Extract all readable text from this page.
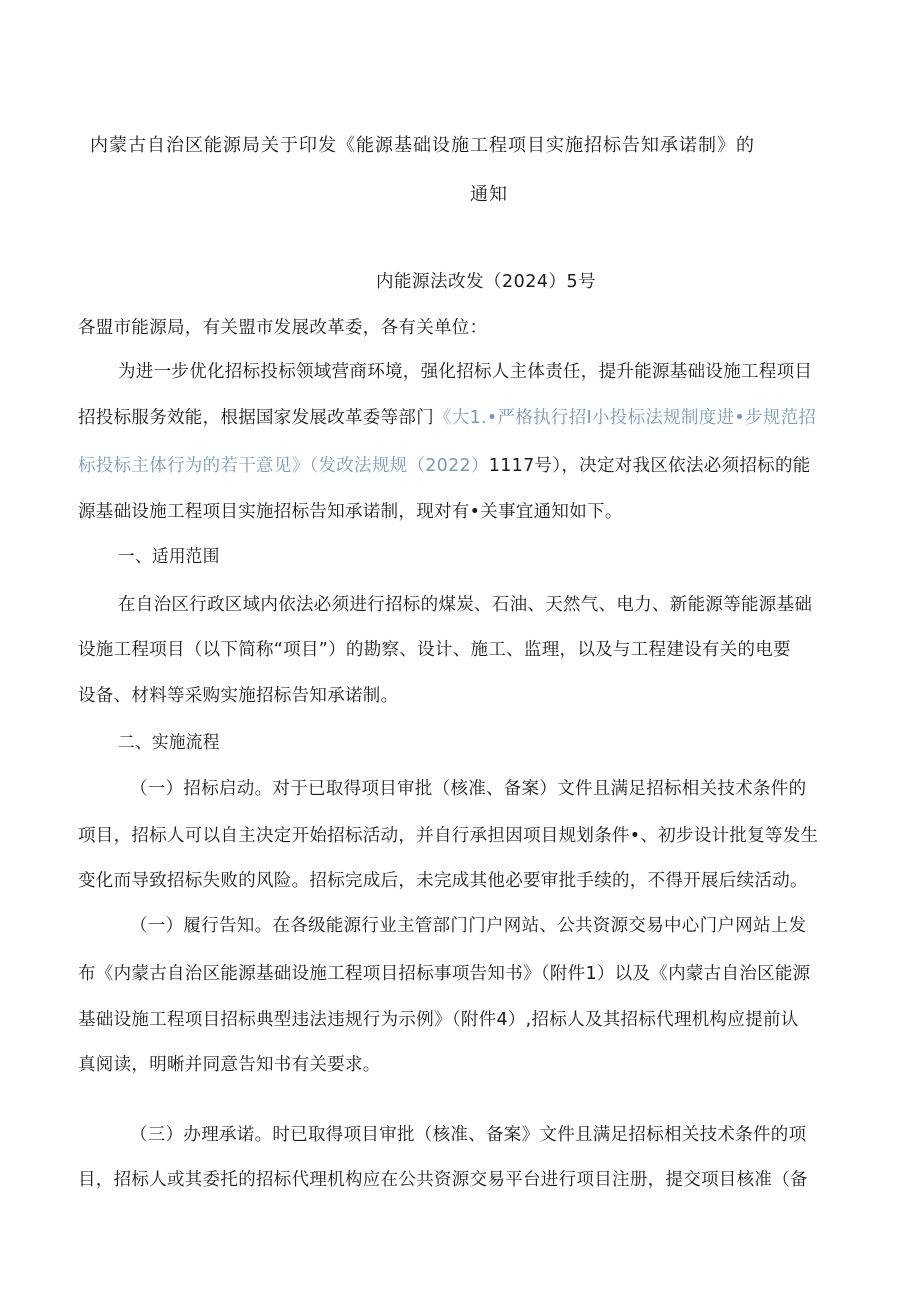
内蒙古自治区能源局关于印发《能源基础设施工程项目实施招标告知承诺制》的
通知
内能源法改发（2024）5号
各盟市能源局，有关盟市发展改革委，各有关单位：
为进一步优化招标投标领域营商环境，强化招标人主体责任，提升能源基础设施工程项目
招投标服务效能，根据国家发展改革委等部门《大1.•严格执行招I小投标法规制度进•步规范招
标投标主体行为的若干意见》（发改法规规（2022）1117号），决定对我区依法必须招标的能
源基础设施工程项目实施招标告知承诺制，现对有•关事宜通知如下。
一、适用范围
在自治区行政区域内依法必须进行招标的煤炭、石油、天然气、电力、新能源等能源基础
设施工程项目（以下简称“项目”）的勘察、设计、施工、监理，以及与工程建设有关的电要
设备、材料等采购实施招标告知承诺制。
二、实施流程
（一）招标启动。对于已取得项目审批（核准、备案）文件且满足招标相关技术条件的
项目，招标人可以自主决定开始招标活动，并自行承担因项目规划条件•、初步设计批复等发生
变化而导致招标失败的风险。招标完成后，未完成其他必要审批手续的，不得开展后续活动。
（一）履行告知。在各级能源行业主管部门门户网站、公共资源交易中心门户网站上发
布《内蒙古自治区能源基础设施工程项目招标事项告知书》（附件1）以及《内蒙古自治区能源
基础设施工程项目招标典型违法违规行为示例》（附件4）,招标人及其招标代理机构应提前认
真阅读，明晰并同意告知书有关要求。
（三）办理承诺。时已取得项目审批（核准、备案》文件且满足招标相关技术条件的项
目，招标人或其委托的招标代理机构应在公共资源交易平台进行项目注册，提交项目核准（备
